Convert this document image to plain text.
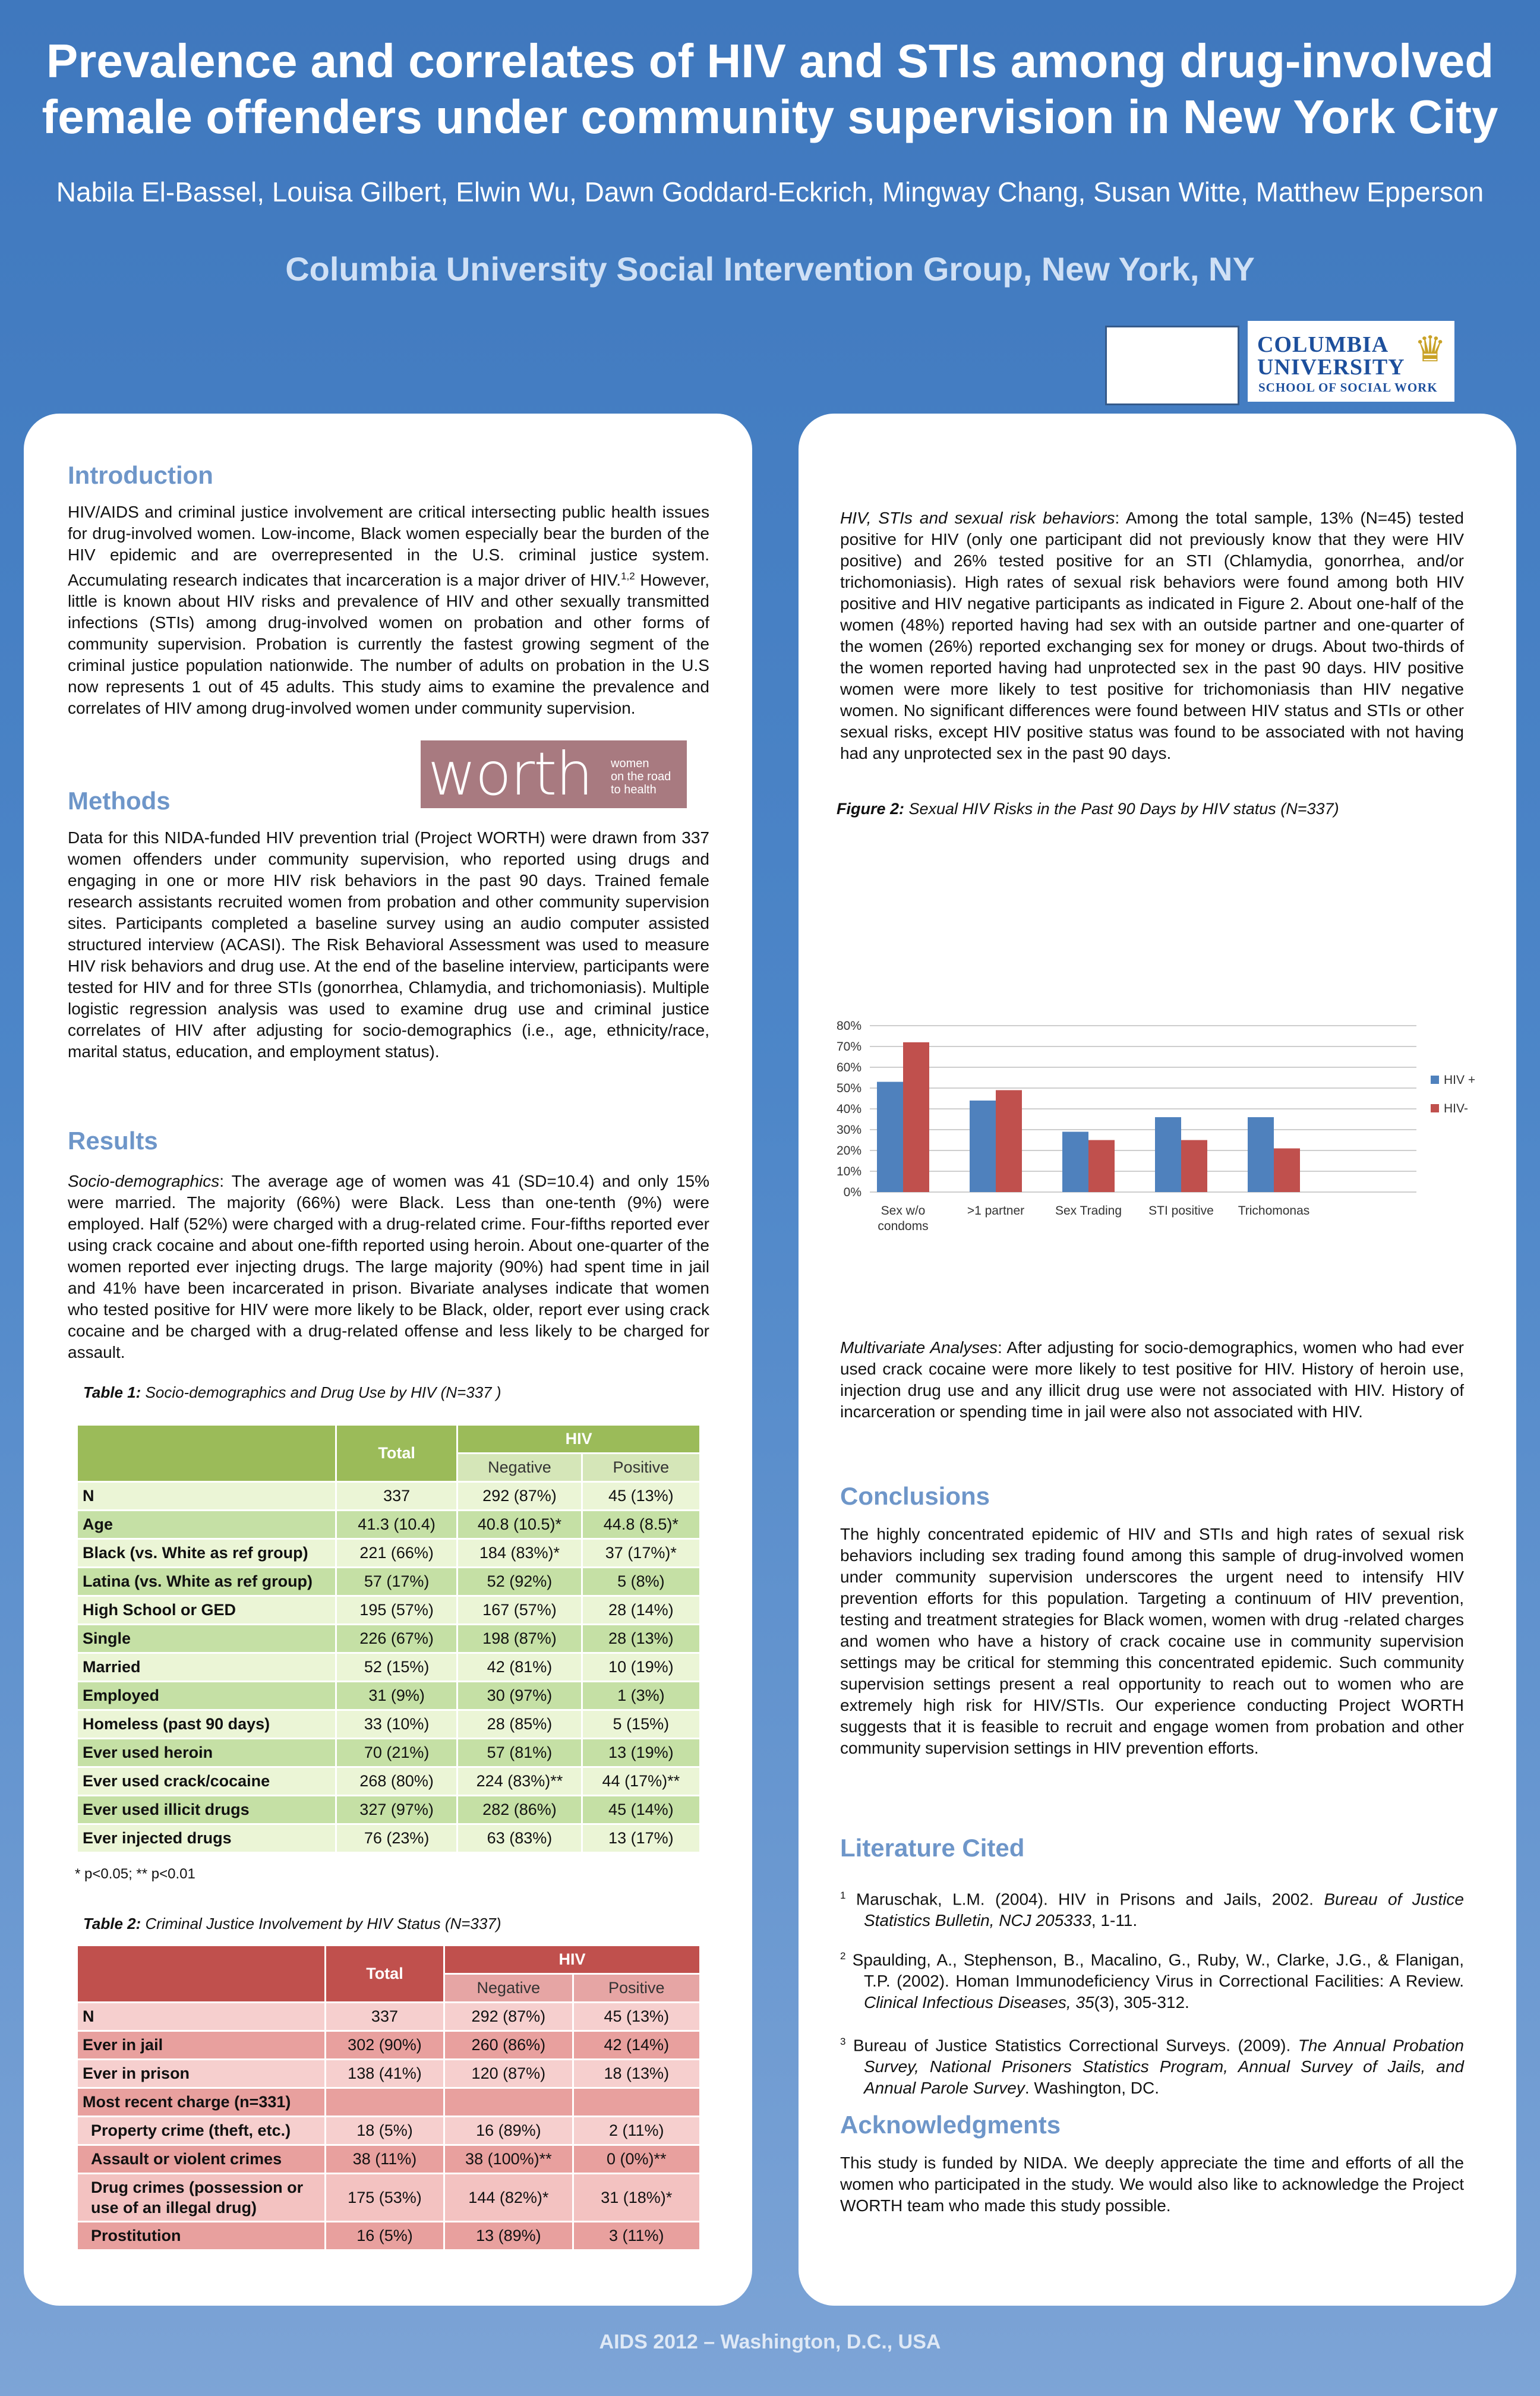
Prevalence and correlates of HIV and STIs among drug-involved
female offenders under community supervision in New York City
Nabila El-Bassel, Louisa Gilbert, Elwin Wu, Dawn Goddard-Eckrich, Mingway Chang, Susan Witte, Matthew Epperson
Columbia University Social Intervention Group, New York, NY
COLUMBIA
UNIVERSITY
SCHOOL OF SOCIAL WORK
♛
Introduction
HIV/AIDS and criminal justice involvement are critical intersecting public health issues for drug-involved women. Low-income, Black women especially bear the burden of the HIV epidemic and are overrepresented in the U.S. criminal justice system. Accumulating research indicates that incarceration is a major driver of HIV.$^{1,2}$ However, little is known about HIV risks and prevalence of HIV and other sexually transmitted infections (STIs) among drug-involved women on probation and other forms of community supervision. Probation is currently the fastest growing segment of the criminal justice population nationwide. The number of adults on probation in the U.S now represents 1 out of 45 adults. This study aims to examine the prevalence and correlates of HIV among drug-involved women under community supervision.
worth women
on the road
to health
Methods
Data for this NIDA-funded HIV prevention trial (Project WORTH) were drawn from 337 women offenders under community supervision, who reported using drugs and engaging in one or more HIV risk behaviors in the past 90 days. Trained female research assistants recruited women from probation and other community supervision sites. Participants completed a baseline survey using an audio computer assisted structured interview (ACASI). The Risk Behavioral Assessment was used to measure HIV risk behaviors and drug use. At the end of the baseline interview, participants were tested for HIV and for three STIs (gonorrhea, Chlamydia, and trichomoniasis). Multiple logistic regression analysis was used to examine drug use and criminal justice correlates of HIV after adjusting for socio-demographics (i.e., age, ethnicity/race, marital status, education, and employment status).
Results
Socio-demographics: The average age of women was 41 (SD=10.4) and only 15% were married. The majority (66%) were Black. Less than one-tenth (9%) were employed. Half (52%) were charged with a drug-related crime. Four-fifths reported ever using crack cocaine and about one-fifth reported using heroin. About one-quarter of the women reported ever injecting drugs. The large majority (90%) had spent time in jail and 41% have been incarcerated in prison. Bivariate analyses indicate that women who tested positive for HIV were more likely to be Black, older, report ever using crack cocaine and be charged with a drug-related offense and less likely to be charged for assault.
Table 1: Socio-demographics and Drug Use by HIV (N=337 )
	Total	HIV	
		Negative	Positive
N	337	292 (87%)	45 (13%)
Age	41.3 (10.4)	40.8 (10.5)*	44.8 (8.5)*
Black (vs. White as ref group)	221 (66%)	184 (83%)*	37 (17%)*
Latina (vs. White as ref group)	57 (17%)	52 (92%)	5 (8%)
High School or GED	195 (57%)	167 (57%)	28 (14%)
Single	226 (67%)	198 (87%)	28 (13%)
Married	52 (15%)	42 (81%)	10 (19%)
Employed	31 (9%)	30 (97%)	1 (3%)
Homeless (past 90 days)	33 (10%)	28 (85%)	5 (15%)
Ever used heroin	70 (21%)	57 (81%)	13 (19%)
Ever used crack/cocaine	268 (80%)	224 (83%)**	44 (17%)**
Ever used illicit drugs	327 (97%)	282 (86%)	45 (14%)
Ever injected drugs	76 (23%)	63 (83%)	13 (17%)
* p<0.05; ** p<0.01
Table 2: Criminal Justice Involvement by HIV Status (N=337)
	Total	HIV	
		Negative	Positive
N	337	292 (87%)	45 (13%)
Ever in jail	302 (90%)	260 (86%)	42 (14%)
Ever in prison	138 (41%)	120 (87%)	18 (13%)
Most recent charge (n=331)			
Property crime (theft, etc.)	18 (5%)	16 (89%)	2 (11%)
Assault or violent crimes	38 (11%)	38 (100%)**	0 (0%)**
Drug crimes (possession or use of an illegal drug)	175 (53%)	144 (82%)*	31 (18%)*
Prostitution	16 (5%)	13 (89%)	3 (11%)
HIV, STIs and sexual risk behaviors: Among the total sample, 13% (N=45) tested positive for HIV (only one participant did not previously know that they were HIV positive) and 26% tested positive for an STI (Chlamydia, gonorrhea, and/or trichomoniasis). High rates of sexual risk behaviors were found among both HIV positive and HIV negative participants as indicated in Figure 2. About one-half of the women (48%) reported having had sex with an outside partner and one-quarter of the women (26%) reported exchanging sex for money or drugs. About two-thirds of the women reported having had unprotected sex in the past 90 days. HIV positive women were more likely to test positive for trichomoniasis than HIV negative women. No significant differences were found between HIV status and STIs or other sexual risks, except HIV positive status was found to be associated with not having had any unprotected sex in the past 90 days.
Figure 2: Sexual HIV Risks in the Past 90 Days by HIV status (N=337)
0%
10%
20%
30%
40%
50%
60%
70%
80%
Sex w/o
condoms
>1 partner Sex Trading STI positive Trichomonas
HIV +
HIV-
Multivariate Analyses: After adjusting for socio-demographics, women who had ever used crack cocaine were more likely to test positive for HIV. History of heroin use, injection drug use and any illicit drug use were not associated with HIV. History of incarceration or spending time in jail were also not associated with HIV.
Conclusions
The highly concentrated epidemic of HIV and STIs and high rates of sexual risk behaviors including sex trading found among this sample of drug-involved women under community supervision underscores the urgent need to intensify HIV prevention efforts for this population. Targeting a continuum of HIV prevention, testing and treatment strategies for Black women, women with drug -related charges and women who have a history of crack cocaine use in community supervision settings may be critical for stemming this concentrated epidemic. Such community supervision settings present a real opportunity to reach out to women who are extremely high risk for HIV/STIs. Our experience conducting Project WORTH suggests that it is feasible to recruit and engage women from probation and other community supervision settings in HIV prevention efforts.
Literature Cited
$^1$ Maruschak, L.M. (2004). HIV in Prisons and Jails, 2002. Bureau of Justice Statistics Bulletin, NCJ 205333, 1-11.
$^2$ Spaulding, A., Stephenson, B., Macalino, G., Ruby, W., Clarke, J.G., & Flanigan, T.P. (2002). Homan Immunodeficiency Virus in Correctional Facilities: A Review. Clinical Infectious Diseases, 35(3), 305-312.
$^3$ Bureau of Justice Statistics Correctional Surveys. (2009). The Annual Probation Survey, National Prisoners Statistics Program, Annual Survey of Jails, and Annual Parole Survey. Washington, DC.
Acknowledgments
This study is funded by NIDA. We deeply appreciate the time and efforts of all the women who participated in the study. We would also like to acknowledge the Project WORTH team who made this study possible.
AIDS 2012 – Washington, D.C., USA
